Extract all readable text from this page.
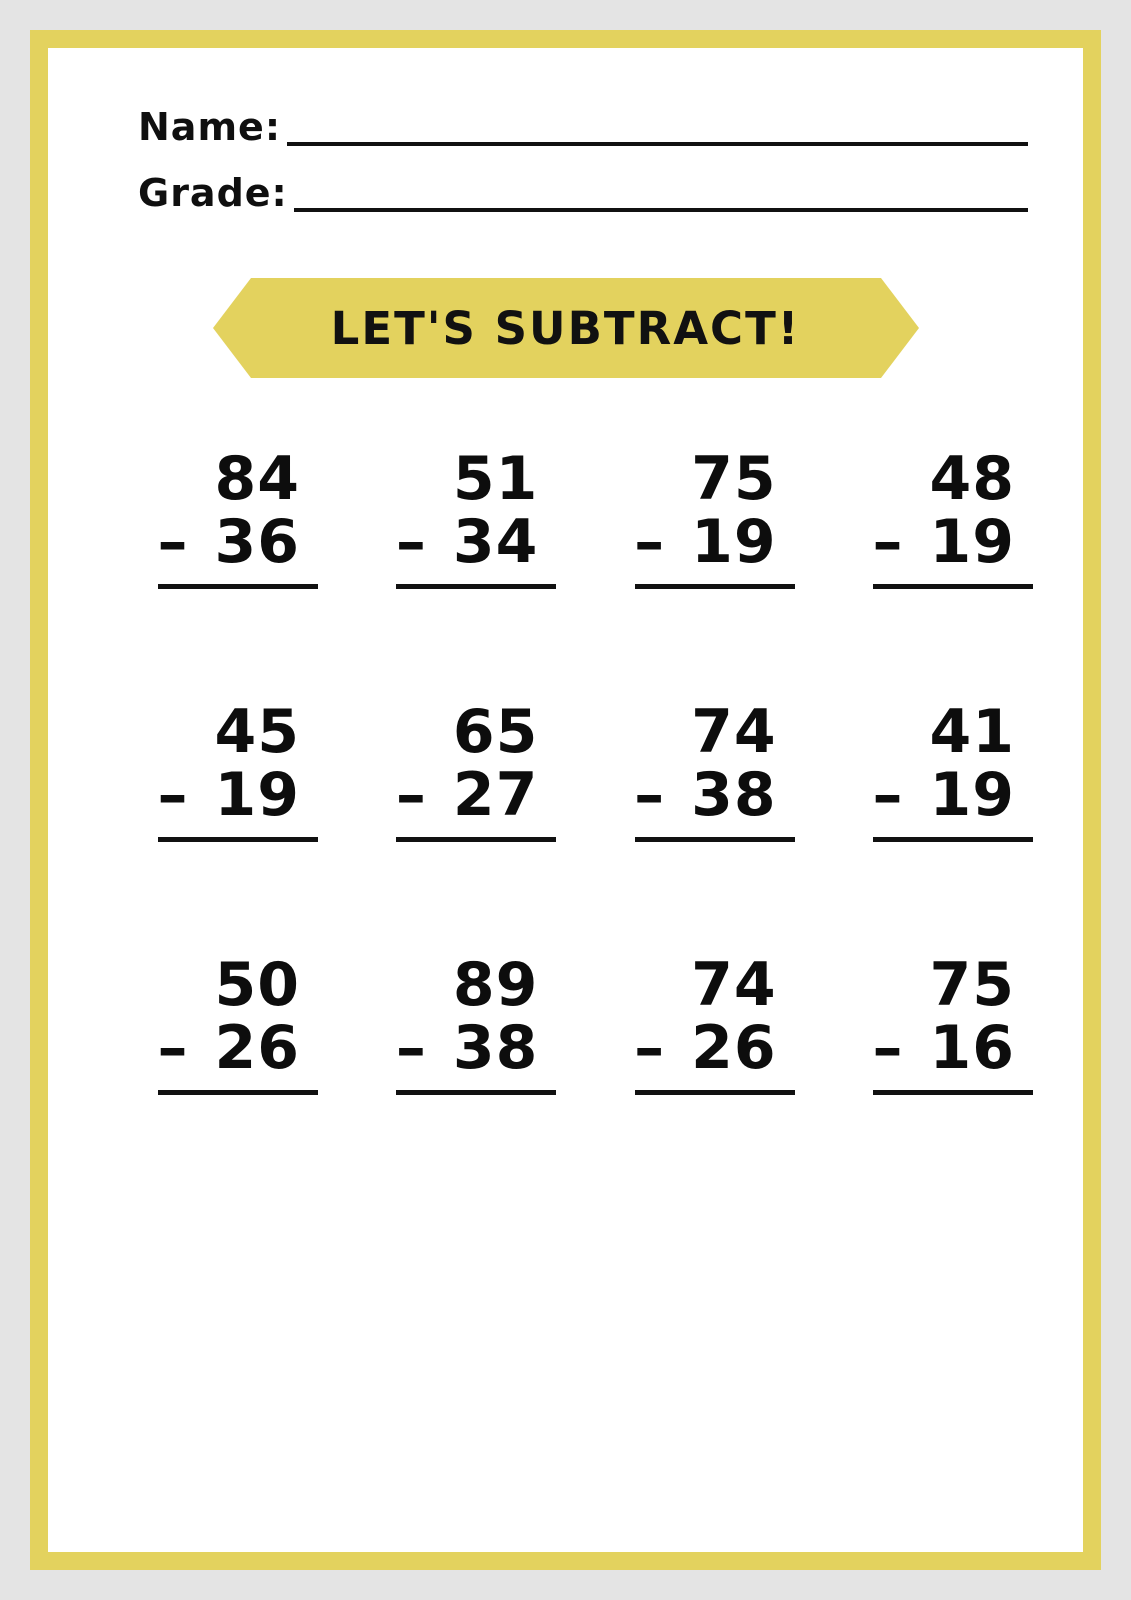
Name:
Grade:
LET'S SUBTRACT!
84
– 36
51
– 34
75
– 19
48
– 19
45
– 19
65
– 27
74
– 38
41
– 19
50
– 26
89
– 38
74
– 26
75
– 16
